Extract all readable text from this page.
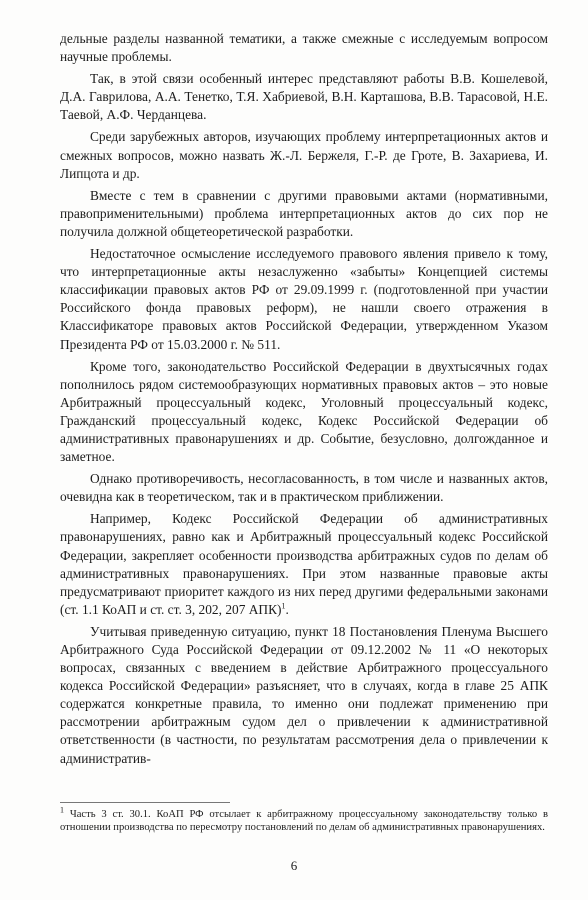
дельные разделы названной тематики, а также смежные с исследуемым вопросом научные проблемы.

Так, в этой связи особенный интерес представляют работы В.В. Кошелевой, Д.А. Гаврилова, А.А. Тенетко, Т.Я. Хабриевой, В.Н. Карташова, В.В. Тарасовой, Н.Е. Таевой, А.Ф. Черданцева.

Среди зарубежных авторов, изучающих проблему интерпретационных актов и смежных вопросов, можно назвать Ж.-Л. Бержеля, Г.-Р. де Гроте, В. Захариева, И. Липцота и др.

Вместе с тем в сравнении с другими правовыми актами (нормативными, правоприменительными) проблема интерпретационных актов до сих пор не получила должной общетеоретической разработки.

Недостаточное осмысление исследуемого правового явления привело к тому, что интерпретационные акты незаслуженно «забыты» Концепцией системы классификации правовых актов РФ от 29.09.1999 г. (подготовленной при участии Российского фонда правовых реформ), не нашли своего отражения в Классификаторе правовых актов Российской Федерации, утвержденном Указом Президента РФ от 15.03.2000 г. № 511.

Кроме того, законодательство Российской Федерации в двухтысячных годах пополнилось рядом системообразующих нормативных правовых актов – это новые Арбитражный процессуальный кодекс, Уголовный процессуальный кодекс, Гражданский процессуальный кодекс, Кодекс Российской Федерации об административных правонарушениях и др. Событие, безусловно, долгожданное и заметное.

Однако противоречивость, несогласованность, в том числе и названных актов, очевидна как в теоретическом, так и в практическом приближении.

Например, Кодекс Российской Федерации об административных правонарушениях, равно как и Арбитражный процессуальный кодекс Российской Федерации, закрепляет особенности производства арбитражных судов по делам об административных правонарушениях. При этом названные правовые акты предусматривают приоритет каждого из них перед другими федеральными законами (ст. 1.1 КоАП и ст. ст. 3, 202, 207 АПК)$^1$.

Учитывая приведенную ситуацию, пункт 18 Постановления Пленума Высшего Арбитражного Суда Российской Федерации от 09.12.2002 № 11 «О некоторых вопросах, связанных с введением в действие Арбитражного процессуального кодекса Российской Федерации» разъясняет, что в случаях, когда в главе 25 АПК содержатся конкретные правила, то именно они подлежат применению при рассмотрении арбитражным судом дел о привлечении к административной ответственности (в частности, по результатам рассмотрения дела о привлечении к административ-

$^1$ Часть 3 ст. 30.1. КоАП РФ отсылает к арбитражному процессуальному законодательству только в отношении производства по пересмотру постановлений по делам об административных правонарушениях.

6
